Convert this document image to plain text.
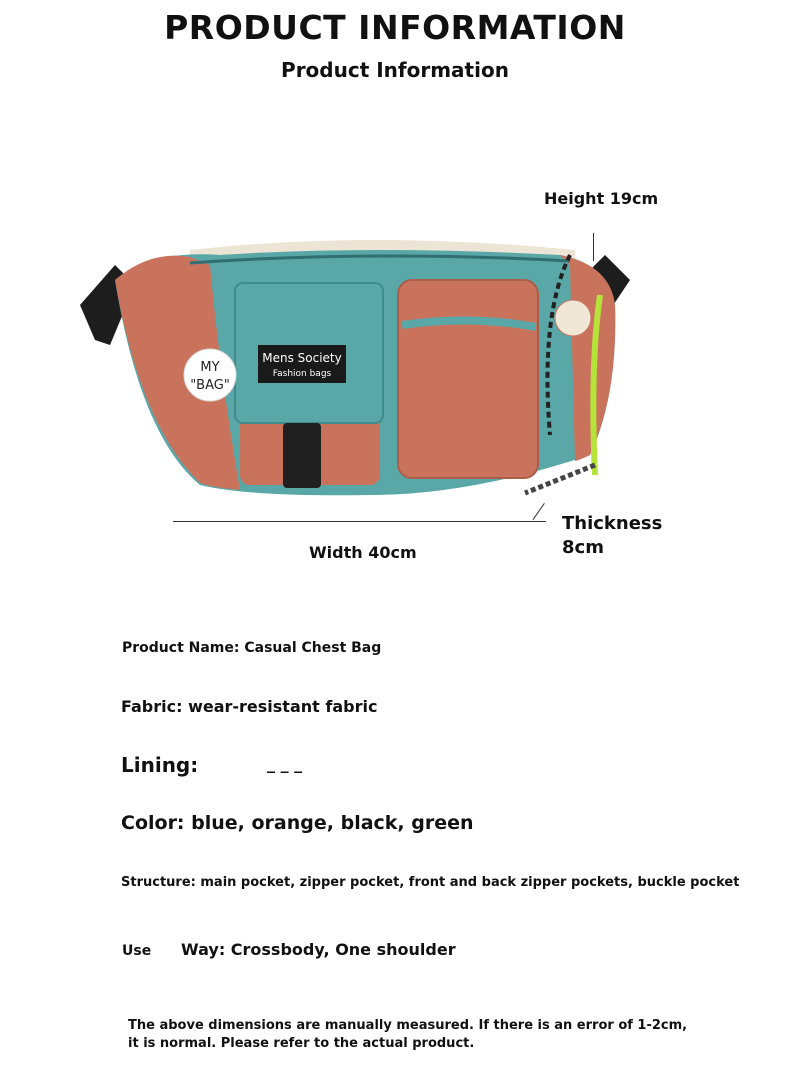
PRODUCT INFORMATION
Product Information
Mens Society
Fashion bags
MY
"BAG"
Height 19cm
Width 40cm
Thickness
8cm
Product Name: Casual Chest Bag
Fabric: wear-resistant fabric
Lining:	_ _ _
Color: blue, orange, black, green
Structure: main pocket, zipper pocket, front and back zipper pockets, buckle pocket
Use Way: Crossbody, One shoulder
The above dimensions are manually measured. If there is an error of 1-2cm, it is normal. Please refer to the actual product.
